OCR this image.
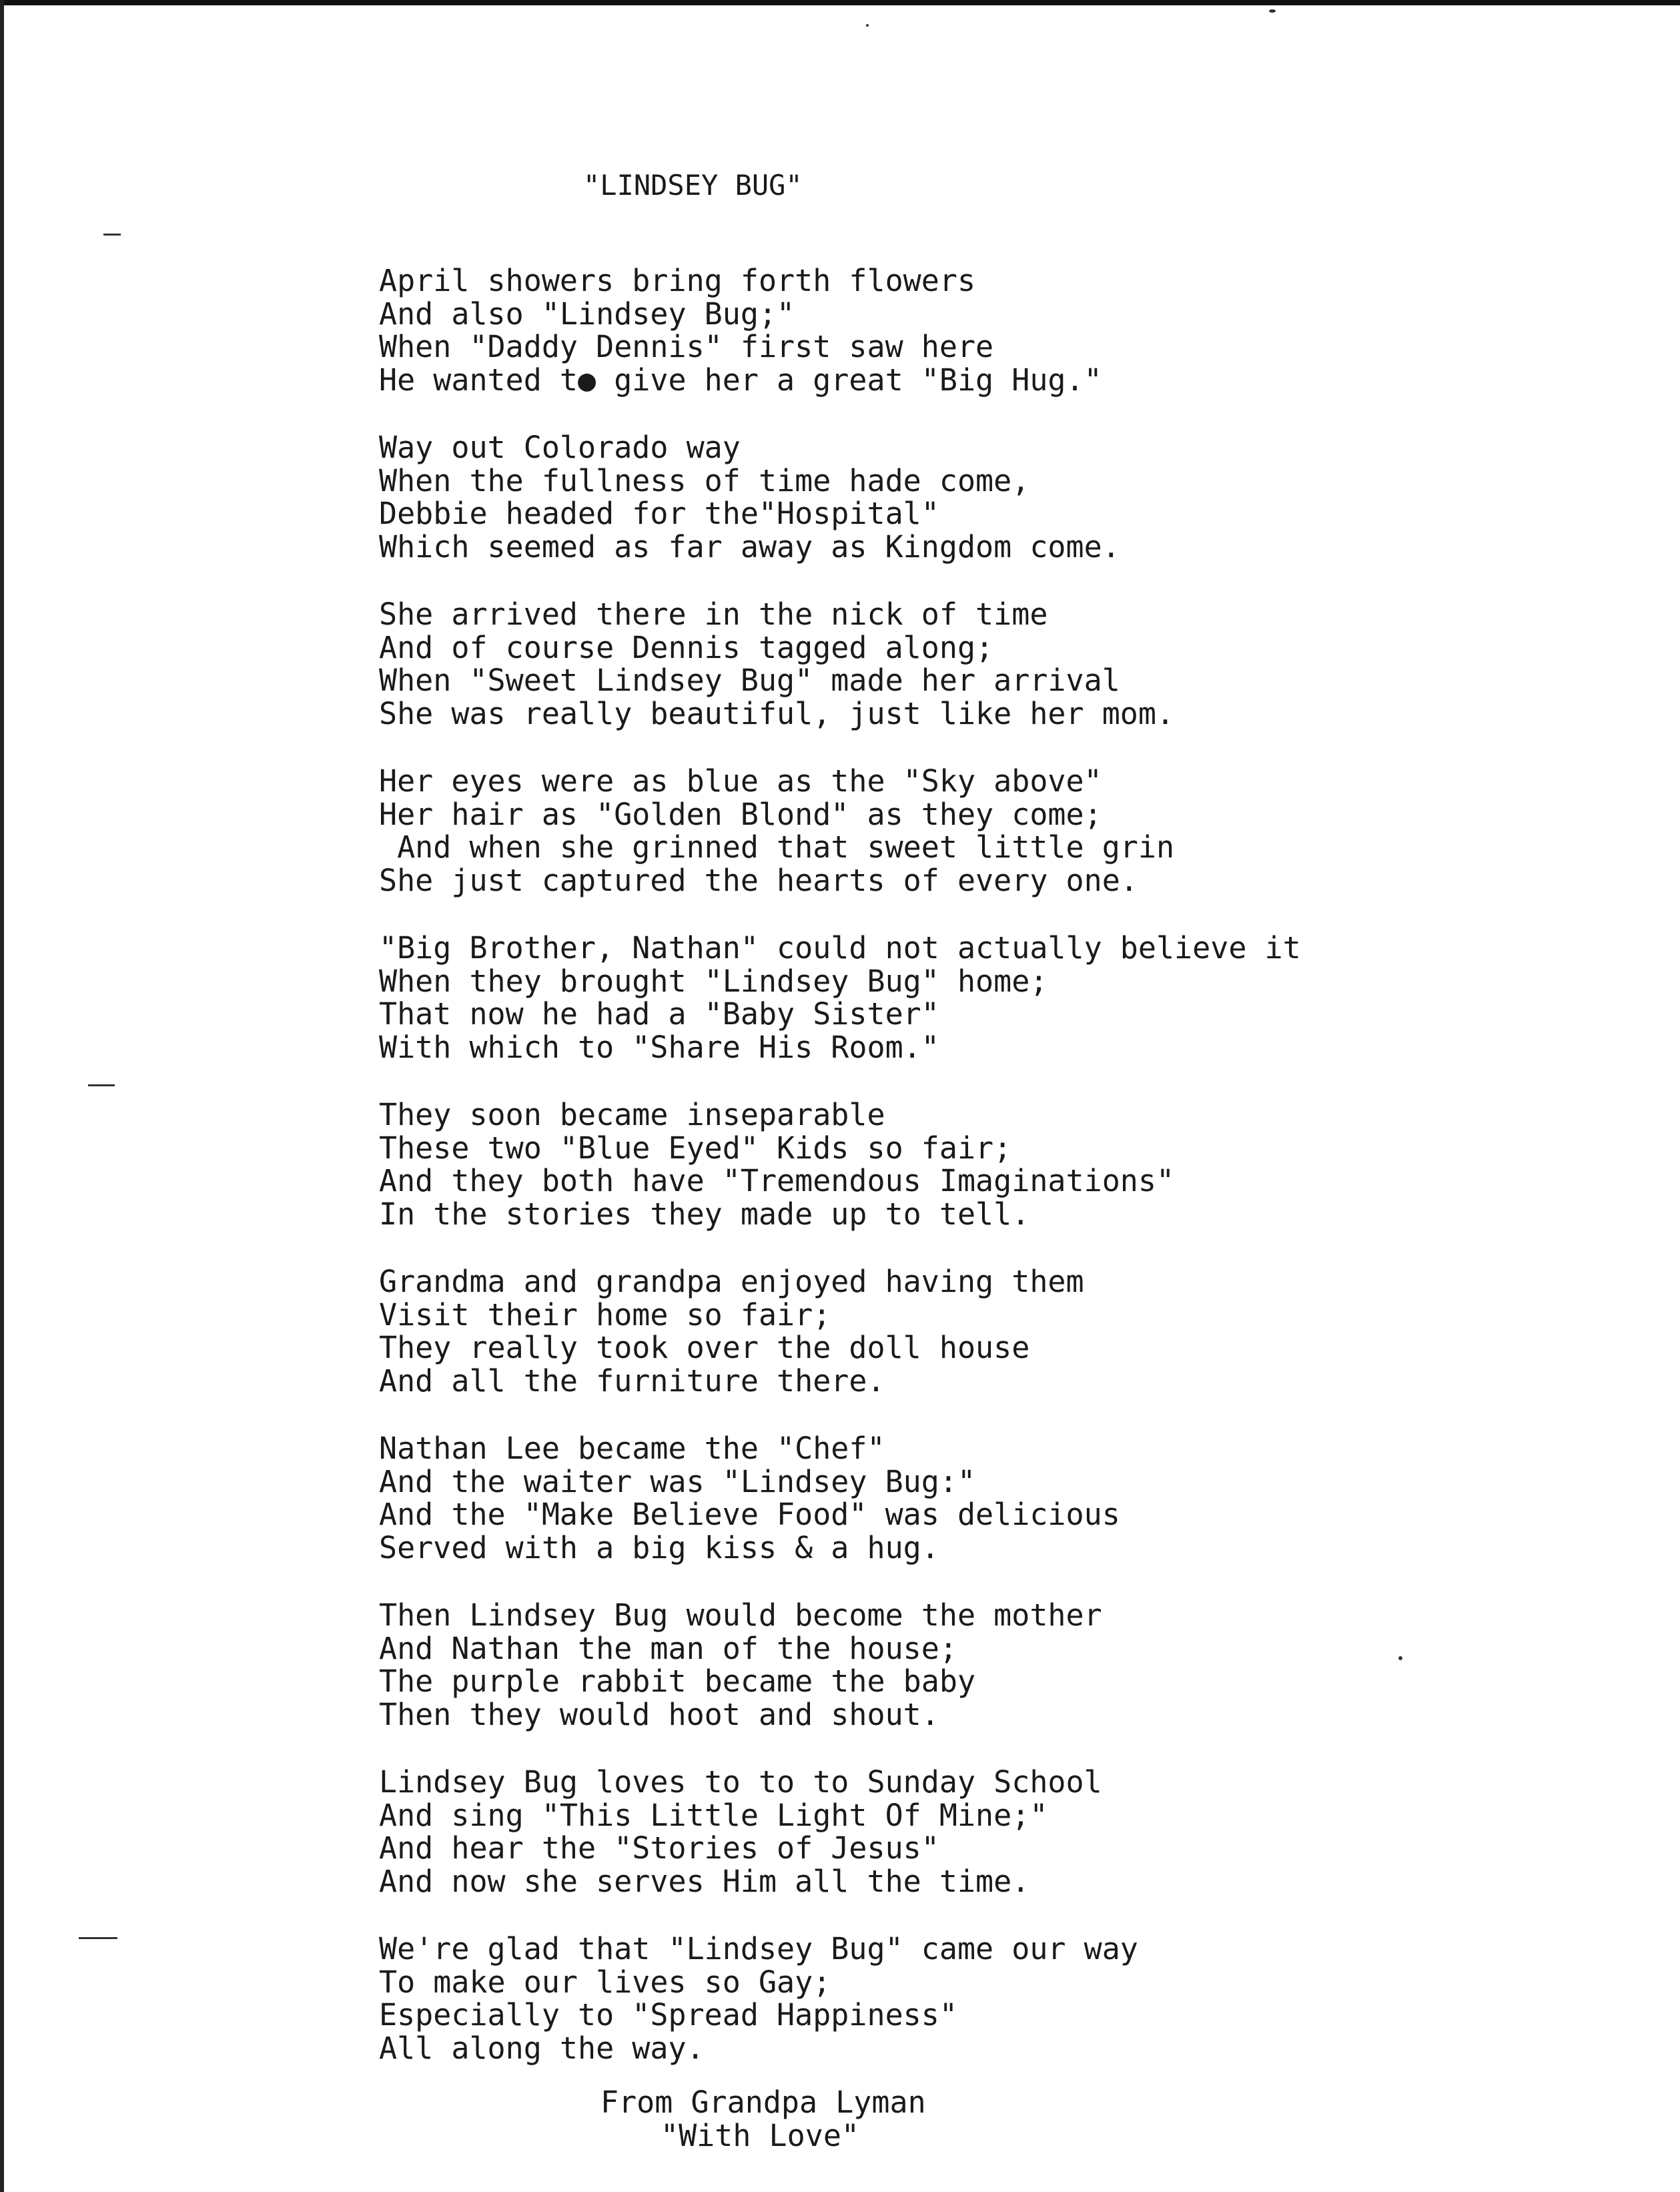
"LINDSEY BUG"
April showers bring forth flowers
And also "Lindsey Bug;"
When "Daddy Dennis" first saw here
He wanted t● give her a great "Big Hug."
Way out Colorado way
When the fullness of time hade come,
Debbie headed for the"Hospital"
Which seemed as far away as Kingdom come.
She arrived there in the nick of time
And of course Dennis tagged along;
When "Sweet Lindsey Bug" made her arrival
She was really beautiful, just like her mom.
Her eyes were as blue as the "Sky above"
Her hair as "Golden Blond" as they come;
And when she grinned that sweet little grin
She just captured the hearts of every one.
"Big Brother, Nathan" could not actually believe it
When they brought "Lindsey Bug" home;
That now he had a "Baby Sister"
With which to "Share His Room."
They soon became inseparable
These two "Blue Eyed" Kids so fair;
And they both have "Tremendous Imaginations"
In the stories they made up to tell.
Grandma and grandpa enjoyed having them
Visit their home so fair;
They really took over the doll house
And all the furniture there.
Nathan Lee became the "Chef"
And the waiter was "Lindsey Bug:"
And the "Make Believe Food" was delicious
Served with a big kiss & a hug.
Then Lindsey Bug would become the mother
And Nathan the man of the house;
The purple rabbit became the baby
Then they would hoot and shout.
Lindsey Bug loves to to to Sunday School
And sing "This Little Light Of Mine;"
And hear the "Stories of Jesus"
And now she serves Him all the time.
We're glad that "Lindsey Bug" came our way
To make our lives so Gay;
Especially to "Spread Happiness"
All along the way.
From Grandpa Lyman
"With Love"
